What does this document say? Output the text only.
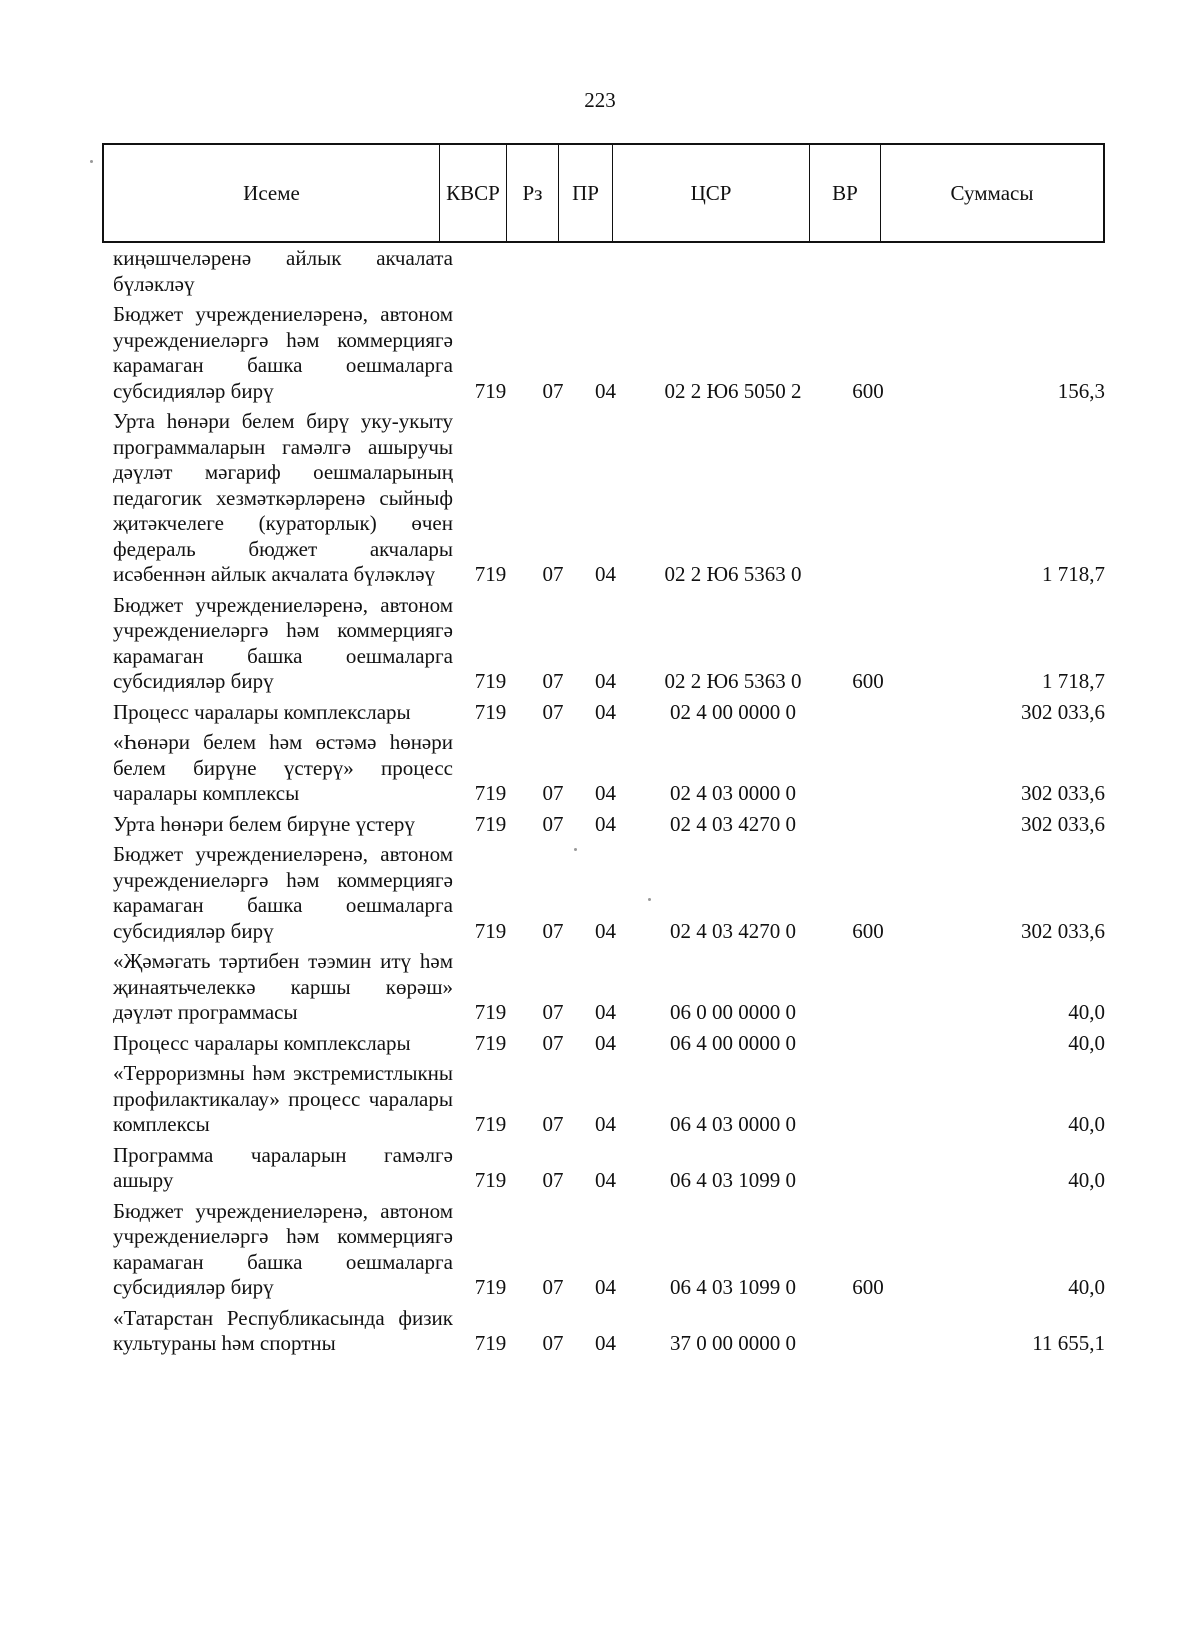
223
Исеме	КВСР	Рз	ПР	ЦСР	ВР	Суммасы
киңәшчеләренә айлык акчалата бүләкләү						
Бюджет учреждениеләренә, автоном учреждениеләргә һәм коммерциягә карамаган башка оешмаларга субсидияләр бирү	719	07	04	02 2 Ю6 5050 2	600	156,3
Урта һөнәри белем бирү уку-укыту программаларын гамәлгә ашыручы дәүләт мәгариф оешмаларының педагогик хезмәткәрләренә сыйныф җитәкчелеге (кураторлык) өчен федераль бюджет акчалары исәбеннән айлык акчалата бүләкләү	719	07	04	02 2 Ю6 5363 0		1 718,7
Бюджет учреждениеләренә, автоном учреждениеләргә һәм коммерциягә карамаган башка оешмаларга субсидияләр бирү	719	07	04	02 2 Ю6 5363 0	600	1 718,7
Процесс чаралары комплекслары	719	07	04	02 4 00 0000 0		302 033,6
«Һөнәри белем һәм өстәмә һөнәри белем бирүне үстерү» процесс чаралары комплексы	719	07	04	02 4 03 0000 0		302 033,6
Урта һөнәри белем бирүне үстерү	719	07	04	02 4 03 4270 0		302 033,6
Бюджет учреждениеләренә, автоном учреждениеләргә һәм коммерциягә карамаган башка оешмаларга субсидияләр бирү	719	07	04	02 4 03 4270 0	600	302 033,6
«Җәмәгать тәртибен тәэмин итү һәм җинаятьчелеккә каршы көрәш» дәүләт программасы	719	07	04	06 0 00 0000 0		40,0
Процесс чаралары комплекслары	719	07	04	06 4 00 0000 0		40,0
«Терроризмны һәм экстремистлыкны профилактикалау» процесс чаралары комплексы	719	07	04	06 4 03 0000 0		40,0
Программа чараларын гамәлгә ашыру	719	07	04	06 4 03 1099 0		40,0
Бюджет учреждениеләренә, автоном учреждениеләргә һәм коммерциягә карамаган башка оешмаларга субсидияләр бирү	719	07	04	06 4 03 1099 0	600	40,0
«Татарстан Республикасында физик культураны һәм спортны	719	07	04	37 0 00 0000 0		11 655,1
